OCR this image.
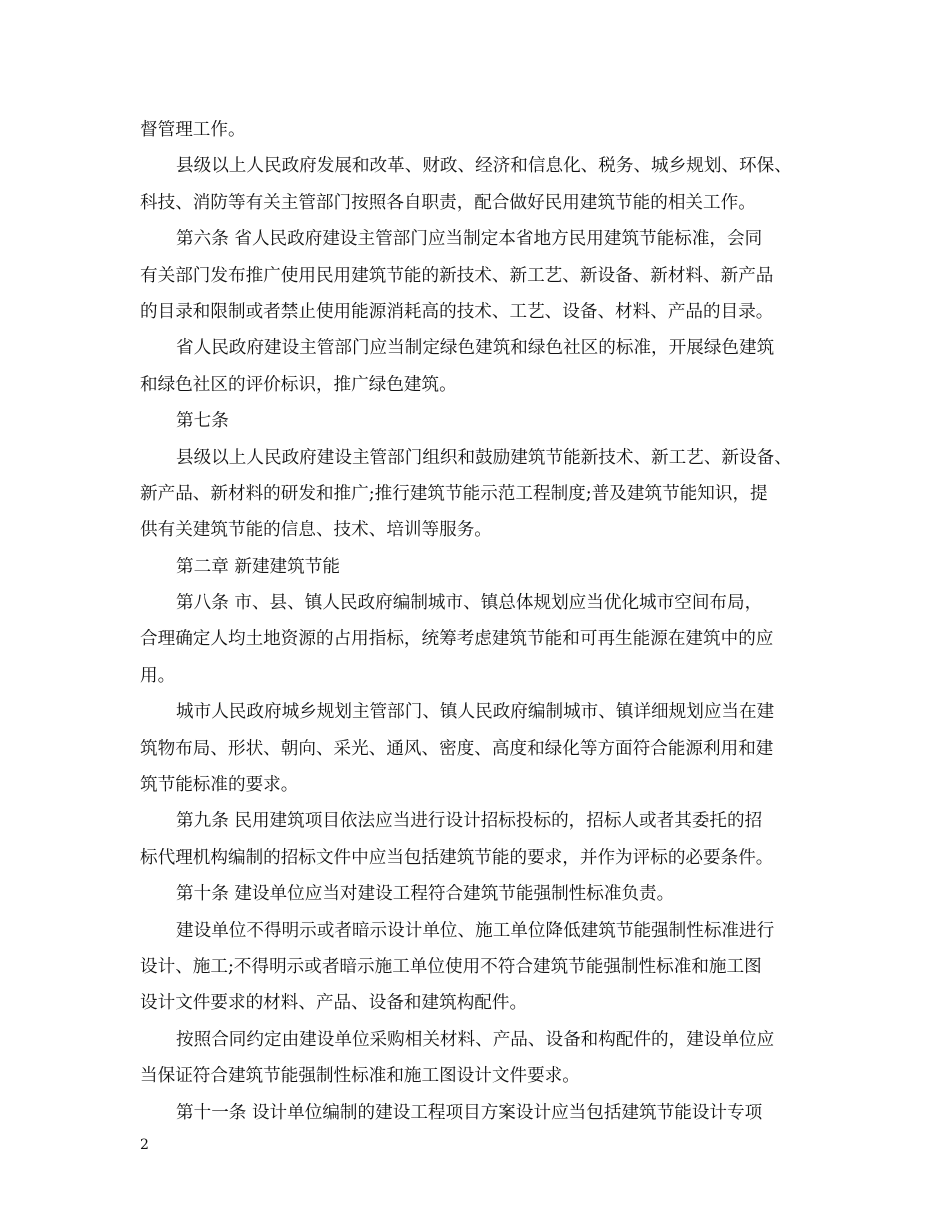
督管理工作。
县级以上人民政府发展和改革、财政、经济和信息化、税务、城乡规划、环保、
科技、消防等有关主管部门按照各自职责，配合做好民用建筑节能的相关工作。
第六条 省人民政府建设主管部门应当制定本省地方民用建筑节能标准，会同
有关部门发布推广使用民用建筑节能的新技术、新工艺、新设备、新材料、新产品
的目录和限制或者禁止使用能源消耗高的技术、工艺、设备、材料、产品的目录。
省人民政府建设主管部门应当制定绿色建筑和绿色社区的标准，开展绿色建筑
和绿色社区的评价标识，推广绿色建筑。
第七条
县级以上人民政府建设主管部门组织和鼓励建筑节能新技术、新工艺、新设备、
新产品、新材料的研发和推广;推行建筑节能示范工程制度;普及建筑节能知识，提
供有关建筑节能的信息、技术、培训等服务。
第二章 新建建筑节能
第八条 市、县、镇人民政府编制城市、镇总体规划应当优化城市空间布局，
合理确定人均土地资源的占用指标，统筹考虑建筑节能和可再生能源在建筑中的应
用。
城市人民政府城乡规划主管部门、镇人民政府编制城市、镇详细规划应当在建
筑物布局、形状、朝向、采光、通风、密度、高度和绿化等方面符合能源利用和建
筑节能标准的要求。
第九条 民用建筑项目依法应当进行设计招标投标的，招标人或者其委托的招
标代理机构编制的招标文件中应当包括建筑节能的要求，并作为评标的必要条件。
第十条 建设单位应当对建设工程符合建筑节能强制性标准负责。
建设单位不得明示或者暗示设计单位、施工单位降低建筑节能强制性标准进行
设计、施工;不得明示或者暗示施工单位使用不符合建筑节能强制性标准和施工图
设计文件要求的材料、产品、设备和建筑构配件。
按照合同约定由建设单位采购相关材料、产品、设备和构配件的，建设单位应
当保证符合建筑节能强制性标准和施工图设计文件要求。
第十一条 设计单位编制的建设工程项目方案设计应当包括建筑节能设计专项
2
